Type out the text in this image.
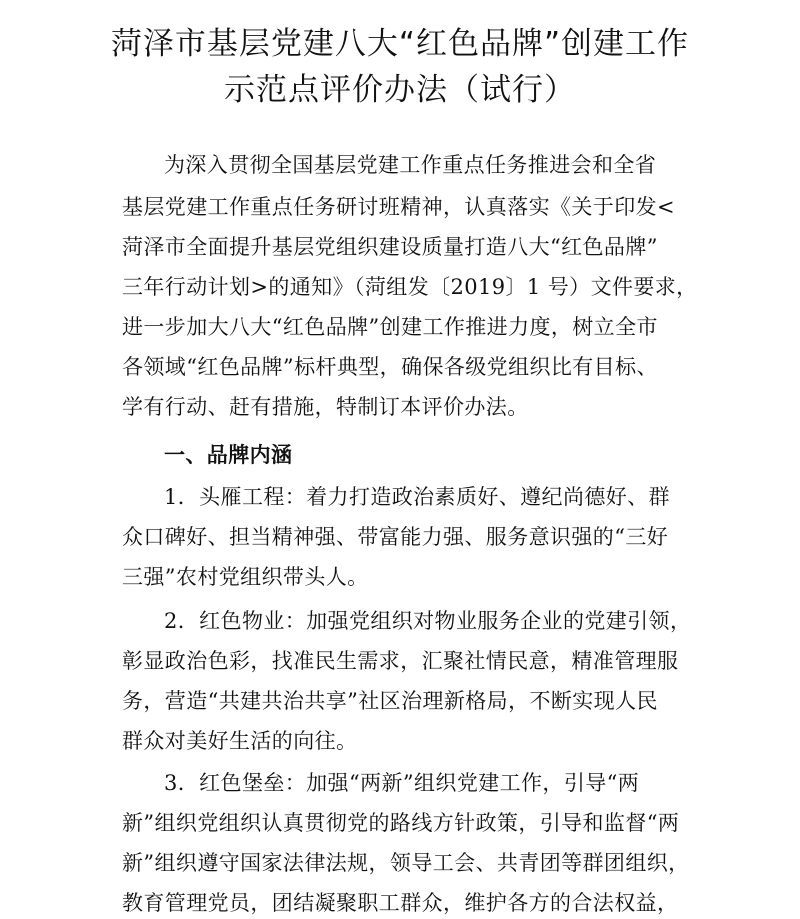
菏泽市基层党建八大“红色品牌”创建工作
示范点评价办法（试行）
为深入贯彻全国基层党建工作重点任务推进会和全省
基层党建工作重点任务研讨班精神，认真落实《关于印发<
菏泽市全面提升基层党组织建设质量打造八大“红色品牌”
三年行动计划>的通知》（菏组发〔2019〕1 号）文件要求，
进一步加大八大“红色品牌”创建工作推进力度，树立全市
各领域“红色品牌”标杆典型，确保各级党组织比有目标、
学有行动、赶有措施，特制订本评价办法。
一、品牌内涵
1．头雁工程：着力打造政治素质好、遵纪尚德好、群
众口碑好、担当精神强、带富能力强、服务意识强的“三好
三强”农村党组织带头人。
2．红色物业：加强党组织对物业服务企业的党建引领，
彰显政治色彩，找准民生需求，汇聚社情民意，精准管理服
务，营造“共建共治共享”社区治理新格局，不断实现人民
群众对美好生活的向往。
3．红色堡垒：加强“两新”组织党建工作，引导“两
新”组织党组织认真贯彻党的路线方针政策，引导和监督“两
新”组织遵守国家法律法规，领导工会、共青团等群团组织，
教育管理党员，团结凝聚职工群众，维护各方的合法权益，
